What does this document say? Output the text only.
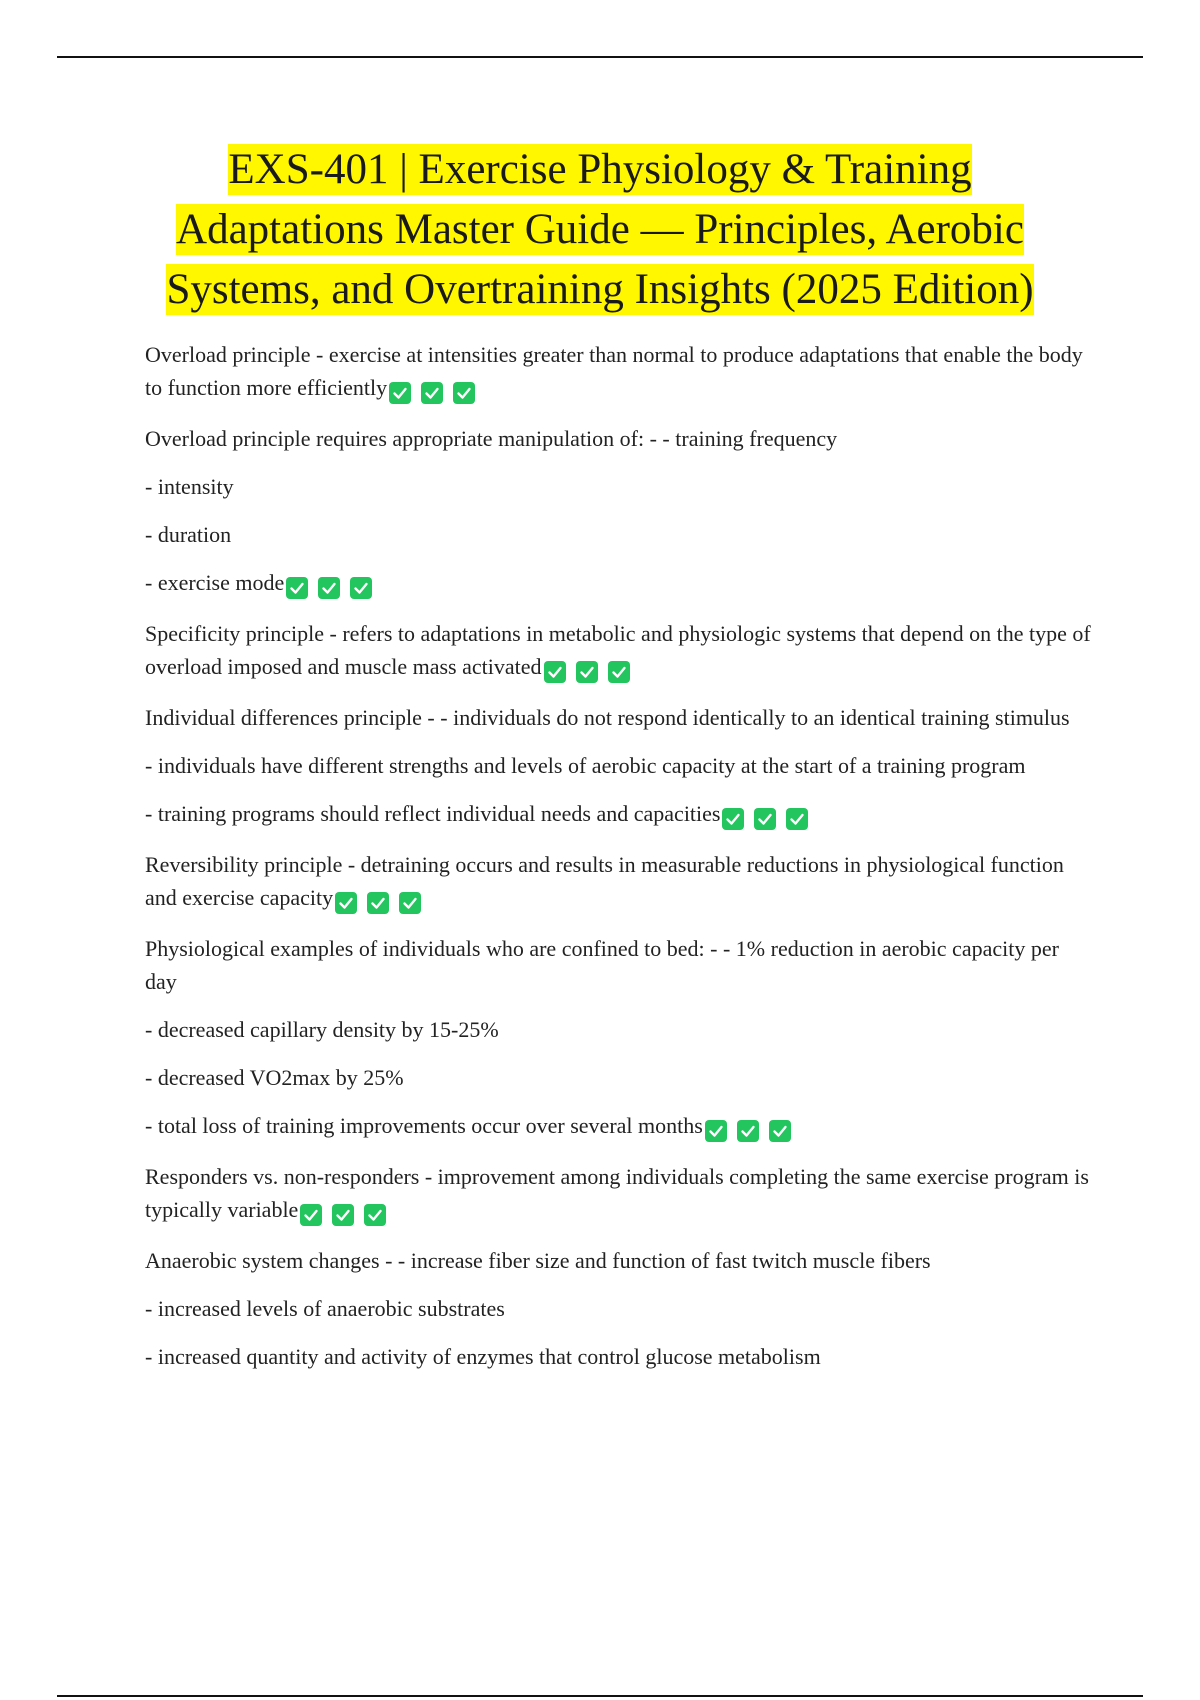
EXS-401 | Exercise Physiology & Training
Adaptations Master Guide — Principles, Aerobic
Systems, and Overtraining Insights (2025 Edition)

Overload principle - exercise at intensities greater than normal to produce adaptations that enable the body to function more efficiently

Overload principle requires appropriate manipulation of: - - training frequency

- intensity

- duration

- exercise mode

Specificity principle - refers to adaptations in metabolic and physiologic systems that depend on the type of overload imposed and muscle mass activated

Individual differences principle - - individuals do not respond identically to an identical training stimulus

- individuals have different strengths and levels of aerobic capacity at the start of a training program

- training programs should reflect individual needs and capacities

Reversibility principle - detraining occurs and results in measurable reductions in physiological function and exercise capacity

Physiological examples of individuals who are confined to bed: - - 1% reduction in aerobic capacity per day

- decreased capillary density by 15-25%

- decreased VO2max by 25%

- total loss of training improvements occur over several months

Responders vs. non-responders - improvement among individuals completing the same exercise program is typically variable

Anaerobic system changes - - increase fiber size and function of fast twitch muscle fibers

- increased levels of anaerobic substrates

- increased quantity and activity of enzymes that control glucose metabolism
